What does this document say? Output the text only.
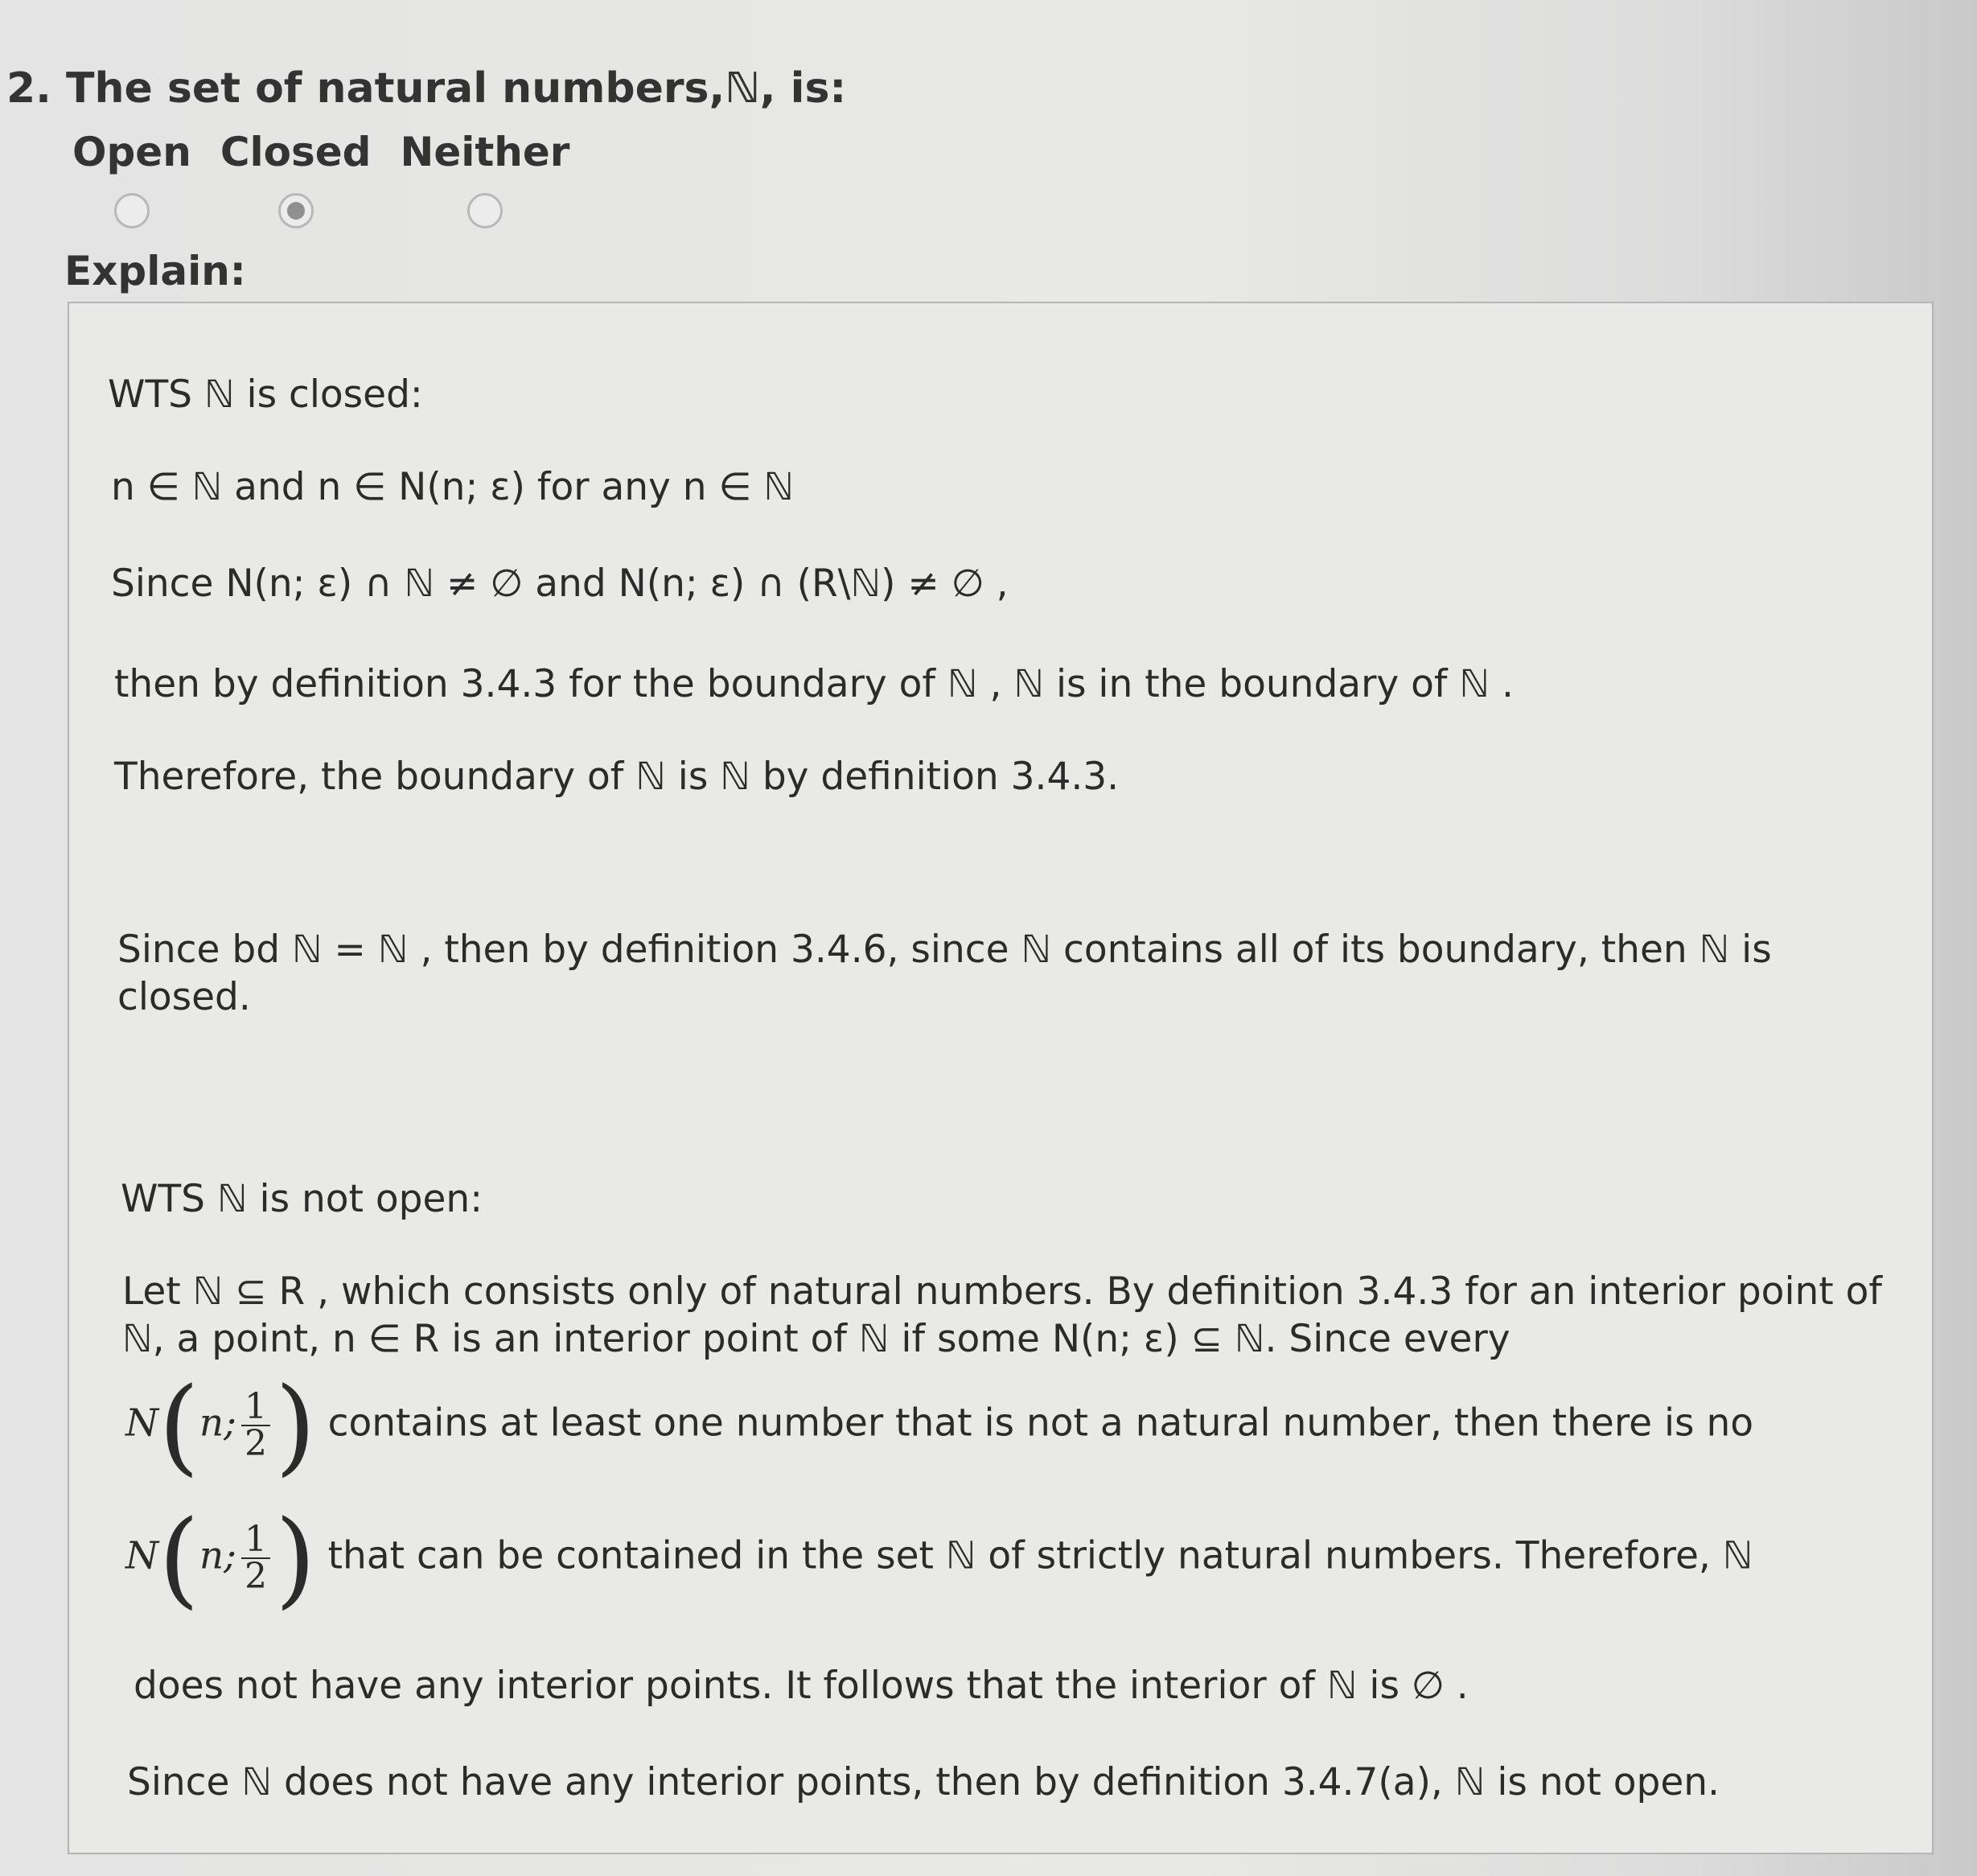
2. The set of natural numbers,ℕ, is:
Open Closed Neither
Explain:
WTS ℕ is closed:
n ∈ ℕ and n ∈ N(n; ε) for any n ∈ ℕ
Since N(n; ε) ∩ ℕ ≠ ∅ and N(n; ε) ∩ (R\ℕ) ≠ ∅ ,
then by definition 3.4.3 for the boundary of ℕ , ℕ is in the boundary of ℕ .
Therefore, the boundary of ℕ is ℕ by definition 3.4.3.
Since bd ℕ = ℕ , then by definition 3.4.6, since ℕ contains all of its boundary, then ℕ is closed.
WTS ℕ is not open:
Let ℕ ⊆ R , which consists only of natural numbers. By definition 3.4.3 for an interior point of ℕ, a point, n ∈ R is an interior point of ℕ if some N(n; ε) ⊆ ℕ. Since every
N(n; $\frac{1}{2}$ ) contains at least one number that is not a natural number, then there is no
N(n; $\frac{1}{2}$ ) that can be contained in the set ℕ of strictly natural numbers. Therefore, ℕ
does not have any interior points. It follows that the interior of ℕ is ∅ .
Since ℕ does not have any interior points, then by definition 3.4.7(a), ℕ is not open.
